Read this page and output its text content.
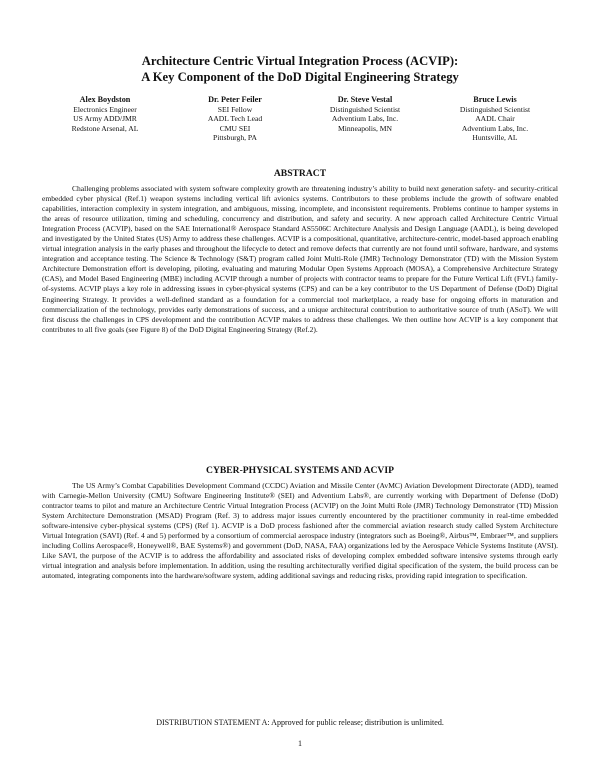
Architecture Centric Virtual Integration Process (ACVIP):
A Key Component of the DoD Digital Engineering Strategy
Alex Boydston
Electronics Engineer
US Army ADD/JMR
Redstone Arsenal, AL
Dr. Peter Feiler
SEI Fellow
AADL Tech Lead
CMU SEI
Pittsburgh, PA
Dr. Steve Vestal
Distinguished Scientist
Adventium Labs, Inc.
Minneapolis, MN
Bruce Lewis
Distinguished Scientist
AADL Chair
Adventium Labs, Inc.
Huntsville, AL
ABSTRACT

Challenging problems associated with system software complexity growth are threatening industry’s ability to build next generation safety- and security-critical embedded cyber physical (Ref.1) weapon systems including vertical lift avionics systems. Contributors to these problems include the growth of software enabled capabilities, interaction complexity in system integration, and ambiguous, missing, incomplete, and inconsistent requirements. Problems continue to hamper systems in the areas of resource utilization, timing and scheduling, concurrency and distribution, and safety and security. A new approach called Architecture Centric Virtual Integration Process (ACVIP), based on the SAE International® Aerospace Standard AS5506C Architecture Analysis and Design Language (AADL), is being developed and investigated by the United States (US) Army to address these challenges. ACVIP is a compositional, quantitative, architecture-centric, model-based approach enabling virtual integration analysis in the early phases and throughout the lifecycle to detect and remove defects that currently are not found until software, hardware, and systems integration and acceptance testing. The Science & Technology (S&T) program called Joint Multi-Role (JMR) Technology Demonstrator (TD) with the Mission System Architecture Demonstration effort is developing, piloting, evaluating and maturing Modular Open Systems Approach (MOSA), a Comprehensive Architecture Strategy (CAS), and Model Based Engineering (MBE) including ACVIP through a number of projects with contractor teams to prepare for the Future Vertical Lift (FVL) family-of-systems. ACVIP plays a key role in addressing issues in cyber-physical systems (CPS) and can be a key contributor to the US Department of Defense (DoD) Digital Engineering Strategy. It provides a well-defined standard as a foundation for a commercial tool marketplace, a ready base for ongoing efforts in maturation and commercialization of the technology, provides early demonstrations of success, and a unique architectural contribution to authoritative source of truth (ASoT). We will first discuss the challenges in CPS development and the contribution ACVIP makes to address these challenges. We then outline how ACVIP is a key component that contributes to all five goals (see Figure 8) of the DoD Digital Engineering Strategy (Ref.2).

CYBER-PHYSICAL SYSTEMS AND ACVIP

The US Army’s Combat Capabilities Development Command (CCDC) Aviation and Missile Center (AvMC) Aviation Development Directorate (ADD), teamed with Carnegie-Mellon University (CMU) Software Engineering Institute® (SEI) and Adventium Labs®, are currently working with Department of Defense (DoD) contractor teams to pilot and mature an Architecture Centric Virtual Integration Process (ACVIP) on the Joint Multi Role (JMR) Technology Demonstrator (TD) Mission System Architecture Demonstration (MSAD) Program (Ref. 3) to address major issues currently encountered by the practitioner community in real-time embedded software-intensive cyber-physical systems (CPS) (Ref 1). ACVIP is a DoD process fashioned after the commercial aviation research study called System Architecture Virtual Integration (SAVI) (Ref. 4 and 5) performed by a consortium of commercial aerospace industry (integrators such as Boeing®, Airbus™, Embraer™, and suppliers including Collins Aerospace®, Honeywell®, BAE Systems®) and government (DoD, NASA, FAA) organizations led by the Aerospace Vehicle Systems Institute (AVSI). Like SAVI, the purpose of the ACVIP is to address the affordability and associated risks of developing complex embedded software intensive systems through early virtual integration and analysis before implementation. In addition, using the resulting architecturally verified digital specification of the system, the build process can be automated, integrating components into the hardware/software system, adding additional savings and reducing risks, providing rapid integration to specification.

DISTRIBUTION STATEMENT A: Approved for public release; distribution is unlimited.
1
